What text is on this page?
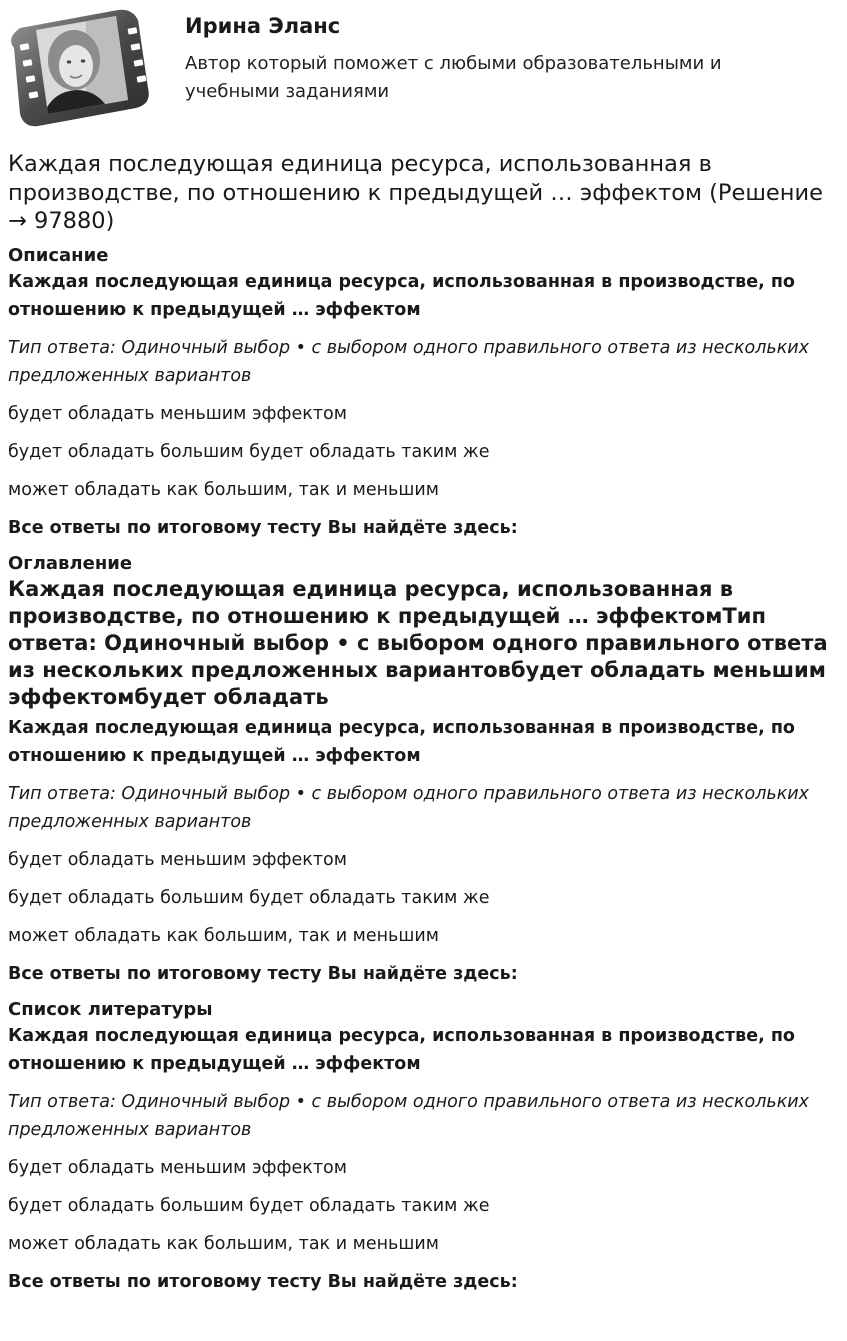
Ирина Эланс
Автор который поможет с любыми образовательными и учебными заданиями
Каждая последующая единица ресурса, использованная в производстве, по отношению к предыдущей … эффектом (Решение → 97880)
Описание

Каждая последующая единица ресурса, использованная в производстве, по отношению к предыдущей … эффектом

Тип ответа: Одиночный выбор • с выбором одного правильного ответа из нескольких предложенных вариантов

будет обладать меньшим эффектом

будет обладать большим будет обладать таким же

может обладать как большим, так и меньшим

Все ответы по итоговому тесту Вы найдёте здесь:

Оглавление

Каждая последующая единица ресурса, использованная в производстве, по отношению к предыдущей … эффектомТип ответа: Одиночный выбор • с выбором одного правильного ответа из нескольких предложенных вариантовбудет обладать меньшим эффектомбудет обладать

Каждая последующая единица ресурса, использованная в производстве, по отношению к предыдущей … эффектом

Тип ответа: Одиночный выбор • с выбором одного правильного ответа из нескольких предложенных вариантов

будет обладать меньшим эффектом

будет обладать большим будет обладать таким же

может обладать как большим, так и меньшим

Все ответы по итоговому тесту Вы найдёте здесь:

Список литературы

Каждая последующая единица ресурса, использованная в производстве, по отношению к предыдущей … эффектом

Тип ответа: Одиночный выбор • с выбором одного правильного ответа из нескольких предложенных вариантов

будет обладать меньшим эффектом

будет обладать большим будет обладать таким же

может обладать как большим, так и меньшим

Все ответы по итоговому тесту Вы найдёте здесь:
